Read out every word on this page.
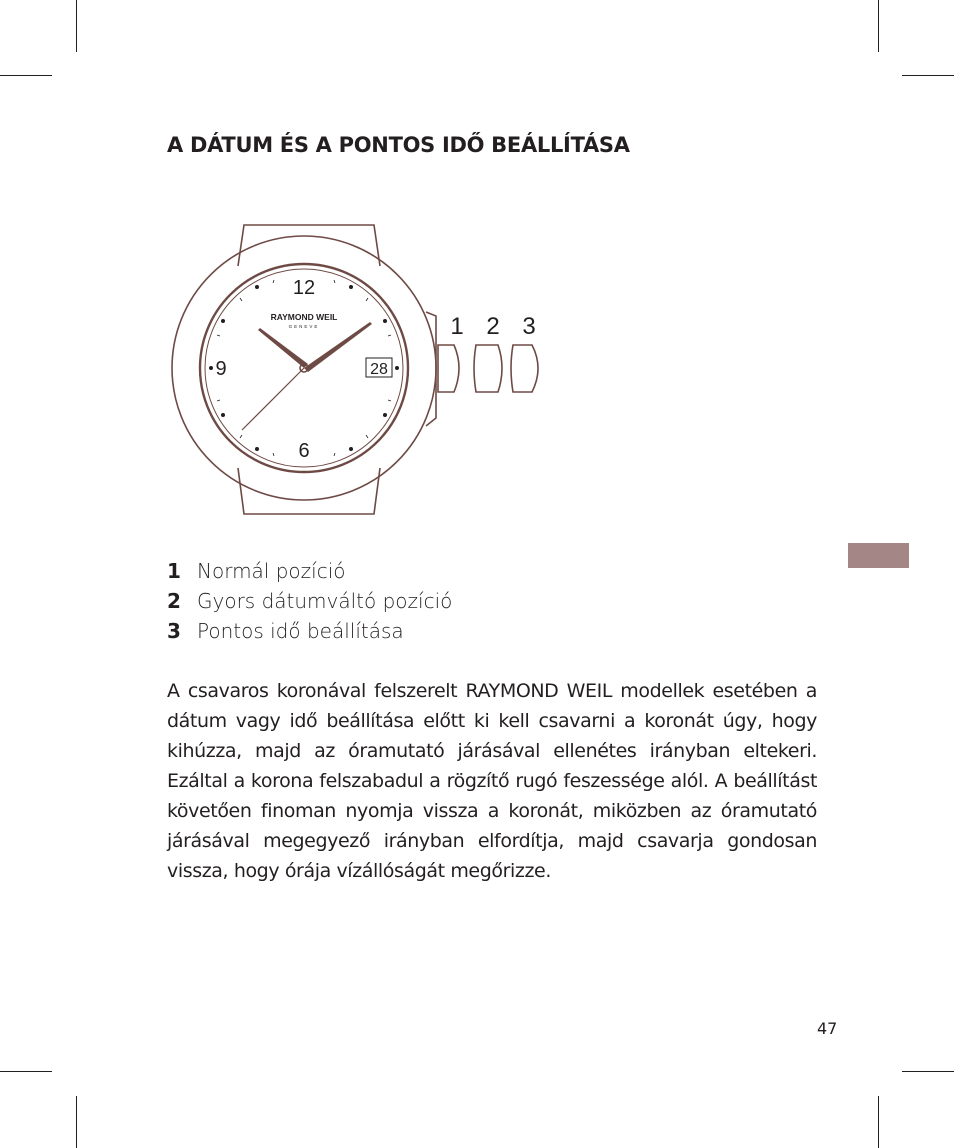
A DÁTUM ÉS A PONTOS IDŐ BEÁLLÍTÁSA
12
9
6
RAYMOND WEIL
GENEVE
28
1 2 3
1 Normál pozíció
2 Gyors dátumváltó pozíció
3 Pontos idő beállítása

A csavaros koronával felszerelt RAYMOND WEIL modellek esetében a dátum vagy idő beállítása előtt ki kell csavarni a koronát úgy, hogy kihúzza, majd az óramutató járásával ellenétes irányban eltekeri. Ezáltal a korona felszabadul a rögzítő rugó feszessége alól. A beállítást követően finoman nyomja vissza a koronát, miközben az óramutató járásával megegyező irányban elfordítja, majd csavarja gondosan vissza, hogy órája vízállóságát megőrizze.

47
